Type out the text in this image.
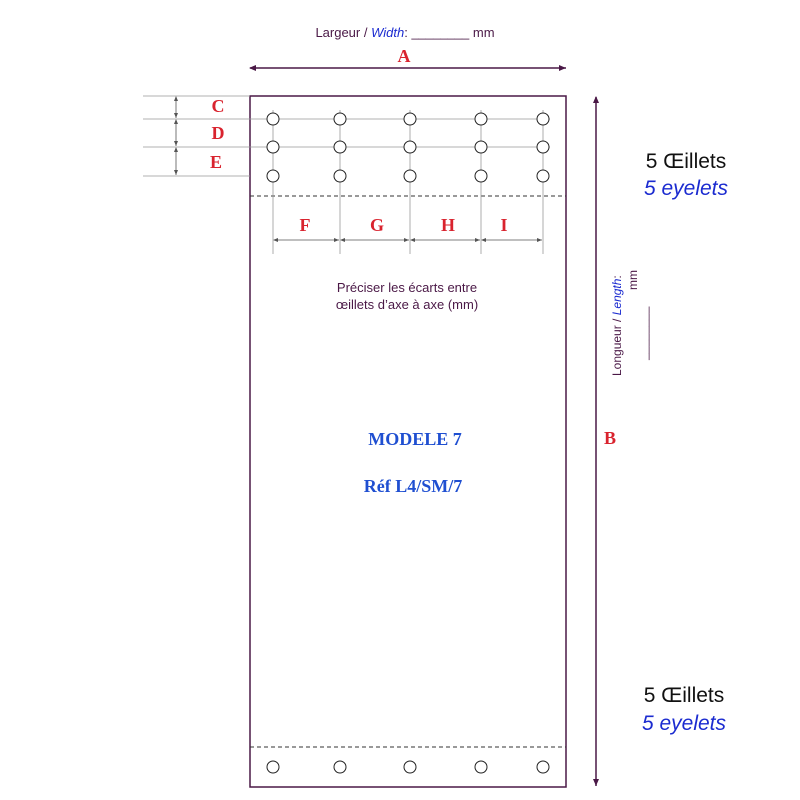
Largeur / Width: ________ mm
A
C
D
E
F	G	H	I
Préciser les écarts entre
œillets d’axe à axe (mm)
MODELE 7
Réf L4/SM/7
B
Longueur / Length: mm
________
5 Œillets
5 eyelets
5 Œillets
5 eyelets
